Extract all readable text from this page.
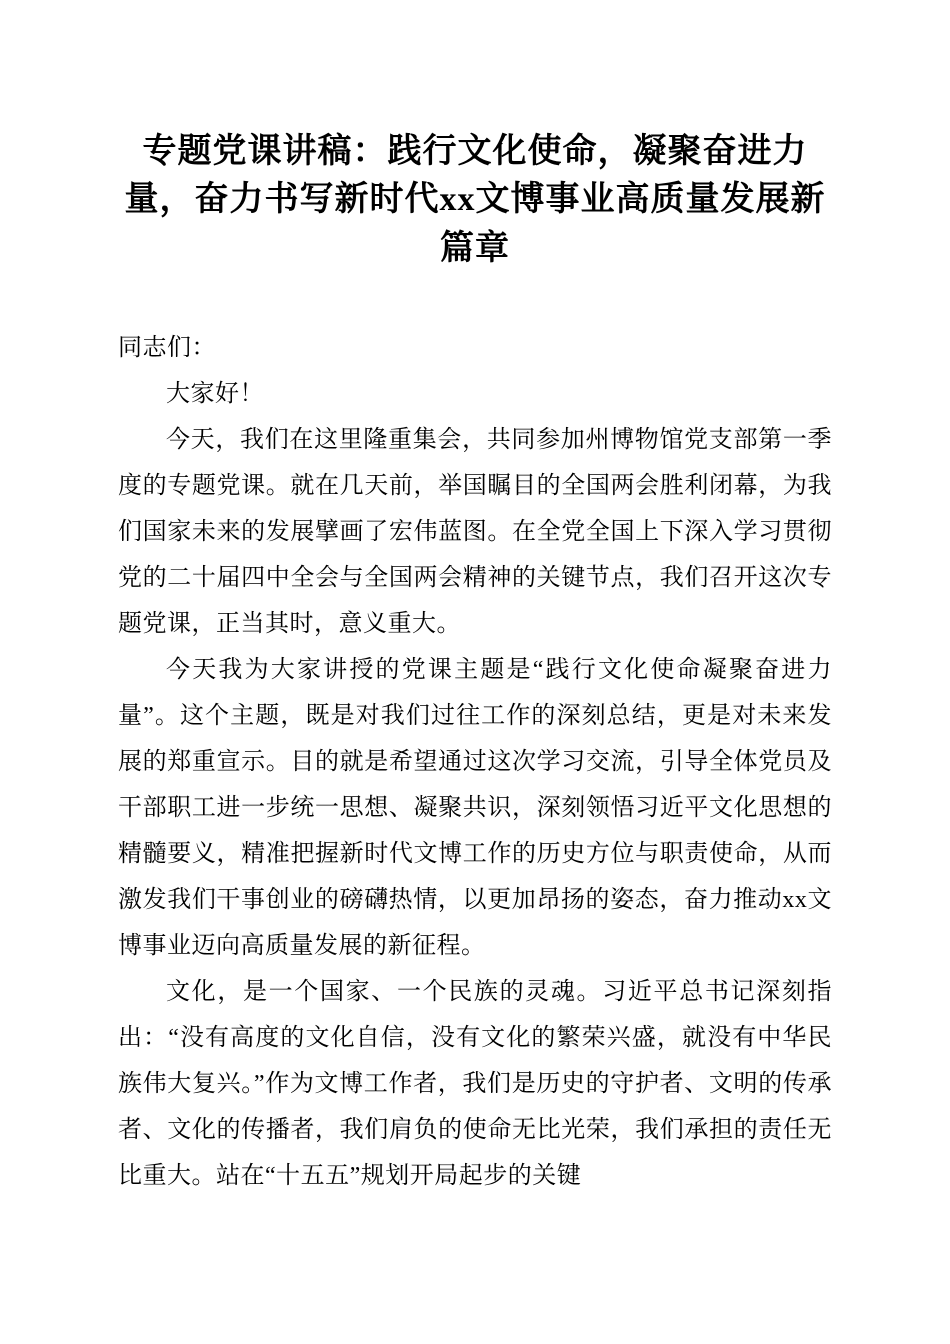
专题党课讲稿：践行文化使命，凝聚奋进力量，奋力书写新时代xx文博事业高质量发展新篇章

同志们：

大家好！

今天，我们在这里隆重集会，共同参加州博物馆党支部第一季度的专题党课。就在几天前，举国瞩目的全国两会胜利闭幕，为我们国家未来的发展擘画了宏伟蓝图。在全党全国上下深入学习贯彻党的二十届四中全会与全国两会精神的关键节点，我们召开这次专题党课，正当其时，意义重大。

今天我为大家讲授的党课主题是“践行文化使命凝聚奋进力量”。这个主题，既是对我们过往工作的深刻总结，更是对未来发展的郑重宣示。目的就是希望通过这次学习交流，引导全体党员及干部职工进一步统一思想、凝聚共识，深刻领悟习近平文化思想的精髓要义，精准把握新时代文博工作的历史方位与职责使命，从而激发我们干事创业的磅礴热情，以更加昂扬的姿态，奋力推动xx文博事业迈向高质量发展的新征程。

文化，是一个国家、一个民族的灵魂。习近平总书记深刻指出：“没有高度的文化自信，没有文化的繁荣兴盛，就没有中华民族伟大复兴。”作为文博工作者，我们是历史的守护者、文明的传承者、文化的传播者，我们肩负的使命无比光荣，我们承担的责任无比重大。站在“十五五”规划开局起步的关键
